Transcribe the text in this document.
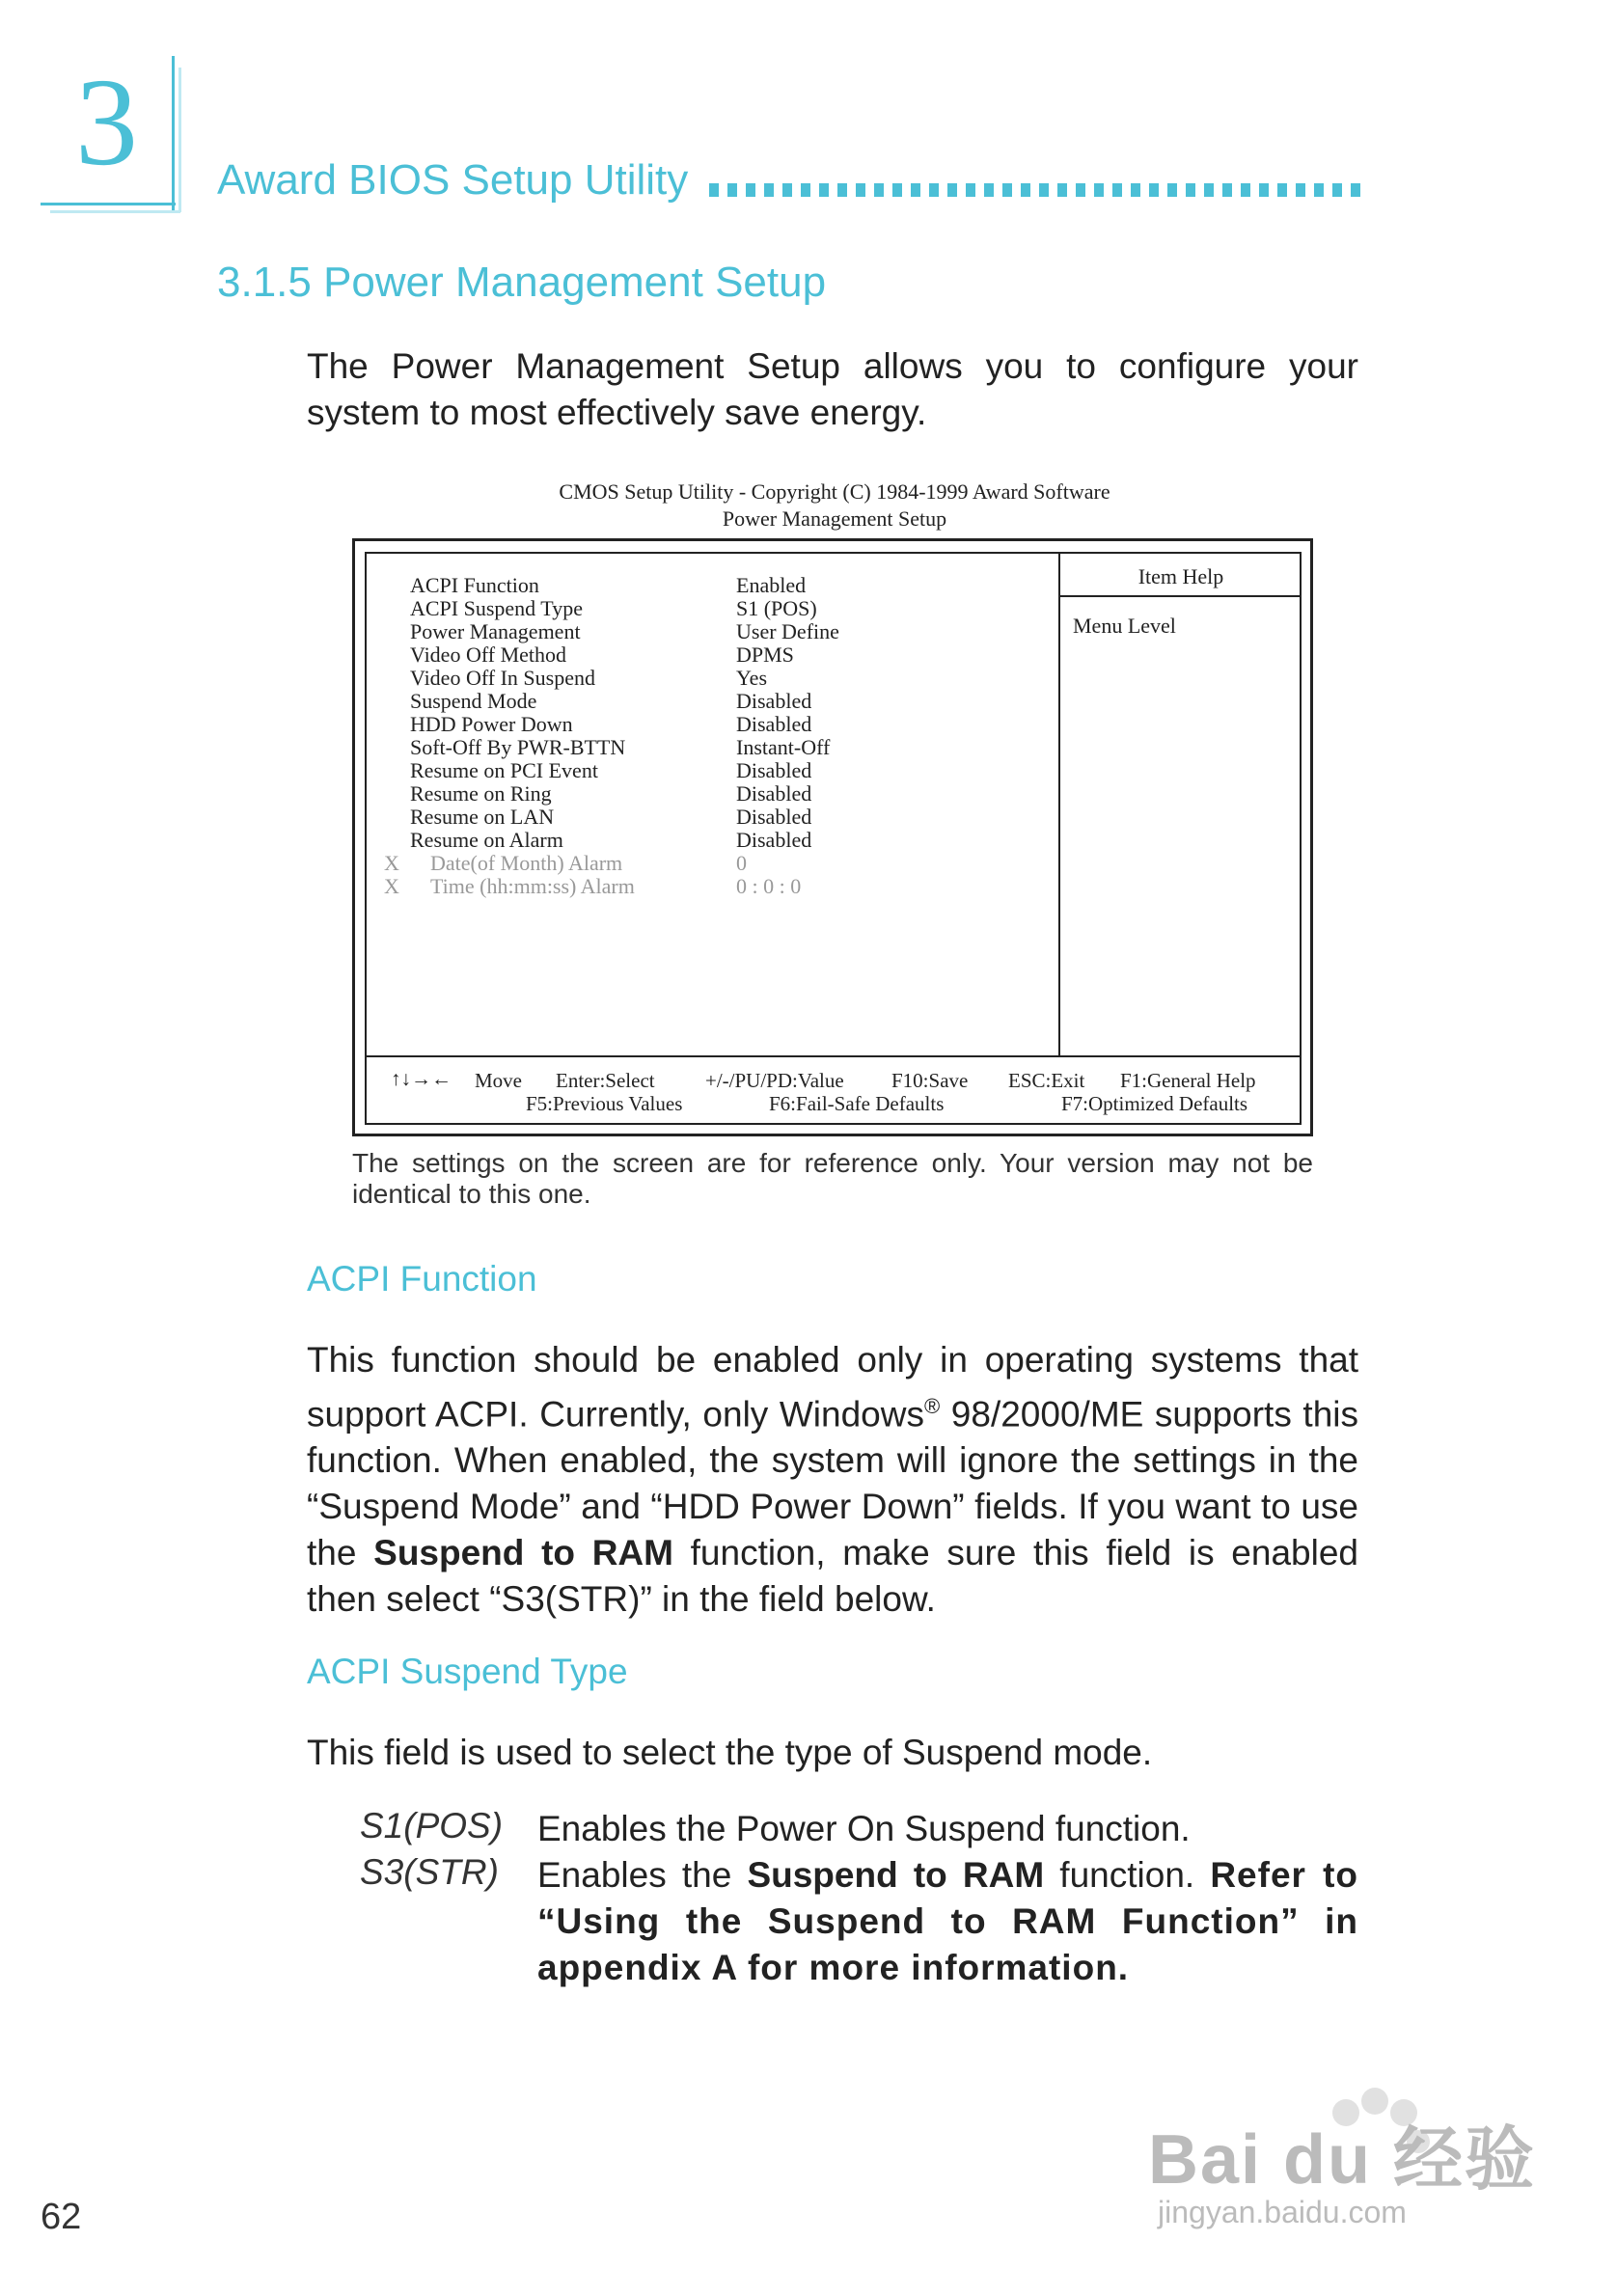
3 Award BIOS Setup Utility
3.1.5 Power Management Setup
The Power Management Setup allows you to configure your system to most effectively save energy.
CMOS Setup Utility - Copyright (C) 1984-1999 Award Software
Power Management Setup
ACPI Function	Enabled
ACPI Suspend Type	S1 (POS)
Power Management	User Define
Video Off Method	DPMS
Video Off In Suspend	Yes
Suspend Mode	Disabled
HDD Power Down	Disabled
Soft-Off By PWR-BTTN	Instant-Off
Resume on PCI Event	Disabled
Resume on Ring	Disabled
Resume on LAN	Disabled
Resume on Alarm	Disabled
X Date(of Month) Alarm	0
X Time (hh:mm:ss) Alarm	0 : 0 : 0
Item Help
Menu Level
↑↓→← Move Enter:Select +/-/PU/PD:Value F10:Save ESC:Exit F1:General Help
F5:Previous Values	F6:Fail-Safe Defaults	F7:Optimized Defaults
The settings on the screen are for reference only. Your version may not be identical to this one.
ACPI Function
This function should be enabled only in operating systems that support ACPI. Currently, only Windows® 98/2000/ME supports this function. When enabled, the system will ignore the settings in the “Suspend Mode” and “HDD Power Down” fields. If you want to use the Suspend to RAM function, make sure this field is enabled then select “S3(STR)” in the field below.
ACPI Suspend Type
This field is used to select the type of Suspend mode.
S1(POS) Enables the Power On Suspend function.
S3(STR) Enables the Suspend to RAM function. Refer to “Using the Suspend to RAM Function” in appendix A for more information.
62
Bai du 经验
jingyan.baidu.com
